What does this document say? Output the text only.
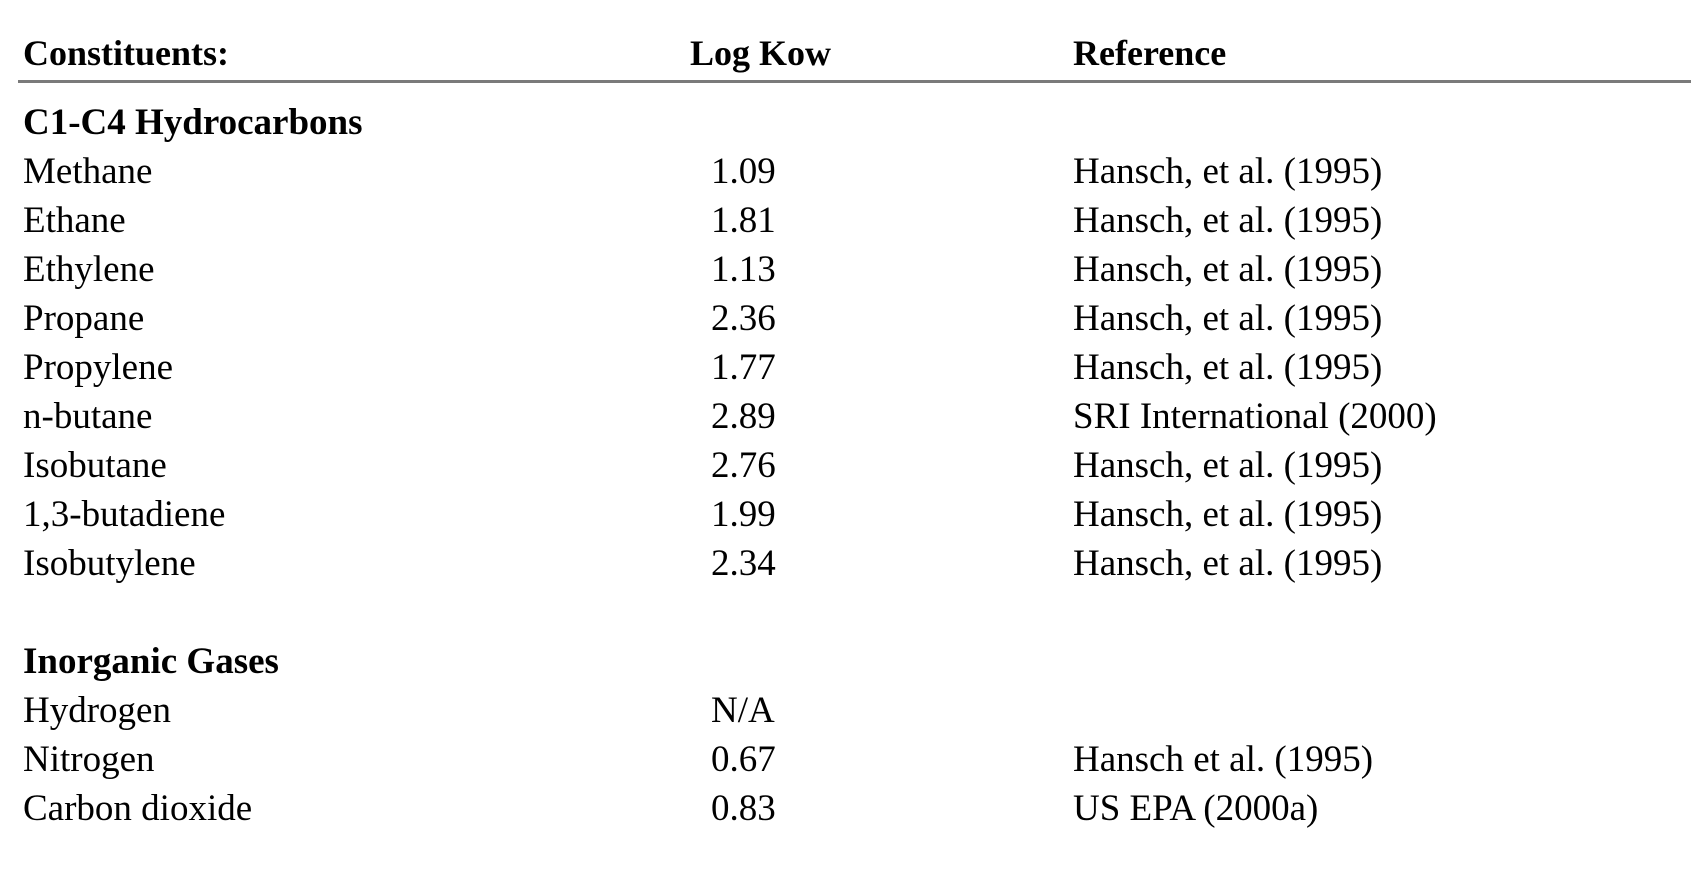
Constituents:	Log Kow	Reference
C1-C4 Hydrocarbons
Methane	1.09	Hansch, et al. (1995)
Ethane	1.81	Hansch, et al. (1995)
Ethylene	1.13	Hansch, et al. (1995)
Propane	2.36	Hansch, et al. (1995)
Propylene	1.77	Hansch, et al. (1995)
n-butane	2.89	SRI International (2000)
Isobutane	2.76	Hansch, et al. (1995)
1,3-butadiene	1.99	Hansch, et al. (1995)
Isobutylene	2.34	Hansch, et al. (1995)
Inorganic Gases
Hydrogen	N/A
Nitrogen	0.67	Hansch et al. (1995)
Carbon dioxide	0.83	US EPA (2000a)
